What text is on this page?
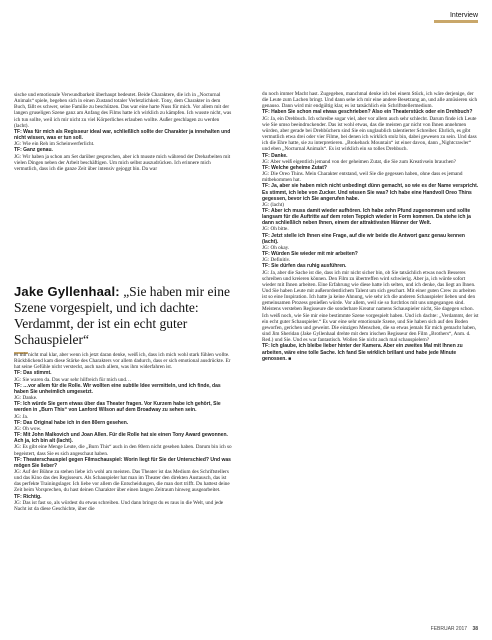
Interview

sische und emotionale Verwundbarkeit überhaupt bedeutet. Beide Charaktere, die ich in „Nocturnal Animals“ spiele, begeben sich in einen Zustand totaler Verletzlichkeit. Tony, dem Charakter in dem Buch, fällt es schwer, seine Familie zu beschützen. Das war eine harte Nuss für mich. Vor allem mit der langen gruseligen Szene ganz am Anfang des Films hatte ich wirklich zu kämpfen. Ich wusste nicht, was ich tun sollte, weil ich mir nicht zu viel Körperliches erlauben wollte. Außer geschlagen zu werden (lacht).

TF: Was für mich als Regisseur ideal war, schließlich sollte der Charakter ja innehalten und nicht wissen, was er tun soll.

JG: Wie ein Reh im Scheinwerferlicht.

TF: Ganz genau.

JG: Wir haben ja schon am Set darüber gesprochen, aber ich musste mich während der Dreharbeiten mit vielen Dingen neben der Arbeit beschäftigen. Um mich selbst auszudrücken. Ich erinnere mich vermutlich, dass ich die ganze Zeit über intensiv gejoggt bin. Da war

Jake Gyllenhaal: „Sie haben mir eine Szene vorgespielt, und ich dachte: Verdammt, der ist ein echt guter Schauspieler“

es mir nicht mal klar, aber wenn ich jetzt daran denke, weiß ich, dass ich mich wohl stark fühlen wollte. Rückblickend kam diese Stärke des Charakters vor allem dadurch, dass er sich emotional ausdrückte. Er hat seine Gefühle nicht versteckt, auch nach allem, was ihm widerfahren ist.

TF: Das stimmt.

JG: Sie waren da. Das war sehr hilfreich für mich und…

TF: …vor allem für die Rolle. Wir wollten eine subtile Idee vermitteln, und ich finde, das haben Sie unheimlich umgesetzt.

JG: Danke.

TF: Ich würde Sie gern etwas über das Theater fragen. Vor Kurzem habe ich gehört, Sie werden in „Burn This“ von Lanford Wilson auf dem Broadway zu sehen sein.

JG: Ja.

TF: Das Original habe ich in den 80ern gesehen.

JG: Oh wow.

TF: Mit John Malkovich und Joan Allen. Für die Rolle hat sie einen Tony Award gewonnen. Ach ja, ich bin alt (lacht).

JG: Es gibt eine Menge Leute, die „Burn This“ auch in den 80ern nicht gesehen haben. Darum bin ich so begeistert, dass Sie es sich angeschaut haben.

TF: Theaterschauspiel gegen Filmschauspiel: Worin liegt für Sie der Unterschied? Und was mögen Sie lieber?

JG: Auf der Bühne zu stehen liebe ich wohl am meisten. Das Theater ist das Medium des Schriftstellers und das Kino das des Regisseurs. Als Schauspieler hat man im Theater den direkten Austausch, das ist das perfekte Trainingslager. Ich liebe vor allem die Entscheidungen, die man dort trifft. Du hattest deine Zeit beim Vorsprechen, du hast deinen Charakter über einen langen Zeitraum hinweg ausgearbeitet.

TF: Richtig.

JG: Das ist fast so, als würdest du etwas schreiben. Und dann bringst du es raus in die Welt, und jede Nacht ist da diese Geschichte, über die

du noch immer Macht hast. Zugegeben, manchmal denke ich bei einem Stück, ich wäre derjenige, der die Leute zum Lachen bringt. Und dann sehe ich mir eine andere Besetzung an, und alle amüsieren sich genauso. Dann wird mir endgültig klar, es ist tatsächlich ein Schriftstellermedium.

TF: Haben Sie schon mal etwas geschrieben? Also ein Theaterstück oder ein Drehbuch?

JG: Ja, ein Drehbuch. Ich schreibe sogar viel, aber vor allem auch sehr schlecht. Darum finde ich Leute wie Sie umso beeindruckender. Das ist wohl etwas, das die meisten gar nicht von Ihnen annehmen würden, aber gerade bei Drehbüchern sind Sie ein unglaublich talentierter Schreiber. Ehrlich, es gibt vermutlich etwa drei oder vier Filme, bei denen ich wirklich stolz bin, dabei gewesen zu sein. Und dass ich die Ehre hatte, sie zu interpretieren. „Brokeback Mountain“ ist einer davon, dann „Nightcrawler“ und eben „Nocturnal Animals“. Es ist wirklich ein so tolles Drehbuch.

TF: Danke.

JG: Aber weiß eigentlich jemand von der geheimen Zutat, die Sie zum Kreativsein brauchen?

TF: Welche geheime Zutat?

JG: Die Oreo Thins. Mein Charakter entstand, weil Sie die gegessen haben, ohne dass es jemand mitbekommen hat.

TF: Ja, aber sie haben mich nicht unbedingt dünn gemacht, so wie es der Name verspricht. Es stimmt, ich lebe von Zucker. Und wissen Sie was? Ich habe eine Handvoll Oreo Thins gegessen, bevor ich Sie angerufen habe.

JG: (lacht)

TF: Aber ich muss damit wieder aufhören. Ich habe zehn Pfund zugenommen und sollte langsam für die Auftritte auf dem roten Teppich wieder in Form kommen. Da stehe ich ja dann schließlich neben Ihnen, einem der attraktivsten Männer der Welt.

JG: Oh bitte.

TF: Jetzt stelle ich Ihnen eine Frage, auf die wir beide die Antwort ganz genau kennen (lacht).

JG: Oh okay.

TF: Würden Sie wieder mit mir arbeiten?

JG: Definitiv.

TF: Sie dürfen das ruhig ausführen.

JG: Ja, aber die Sache ist die, dass ich mir nicht sicher bin, ob Sie tatsächlich etwas noch Besseres schreiben und kreieren können. Den Film zu übertreffen wird schwierig. Aber ja, ich würde sofort wieder mit Ihnen arbeiten. Eine Erfahrung wie diese hatte ich selten, und ich denke, das liegt an Ihnen. Und Sie haben Leute mit außerordentlichem Talent um sich geschart. Mit einer guten Crew zu arbeiten ist so eine Inspiration. Ich hatte ja keine Ahnung, wie sehr ich die anderen Schauspieler lieben und den gemeinsamen Prozess genießen würde. Vor allem, weil sie so furchtlos mit uns umgegangen sind. Meistens versteben Regisseure die sonderbare Kreatur namens Schauspieler nicht, Sie dagegen schon. Ich weiß noch, wie Sie mir eine bestimmte Szene vorgespielt haben. Und ich dachte: „Verdammt, der ist ein echt guter Schauspieler.“ Es war eine sehr emotionale Szene, und Sie haben sich auf den Boden geworfen, gerichen und geweint. Die einzigen Menschen, die so etwas jemals für mich gemacht haben, sind Jim Sheridan (Jake Gyllenhaal drehte mit dem irischen Regisseur den Film „Brothers“, Anm. d. Red.) und Sie. Und es war fantastisch. Wollen Sie nicht auch mal schauspielern?

TF: Ich glaube, ich bleibe lieber hinter der Kamera. Aber ein zweites Mal mit Ihnen zu arbeiten, wäre eine tolle Sache. Ich fand Sie wirklich brillant und habe jede Minute genossen. ■

FEBRUAR 2017 38
